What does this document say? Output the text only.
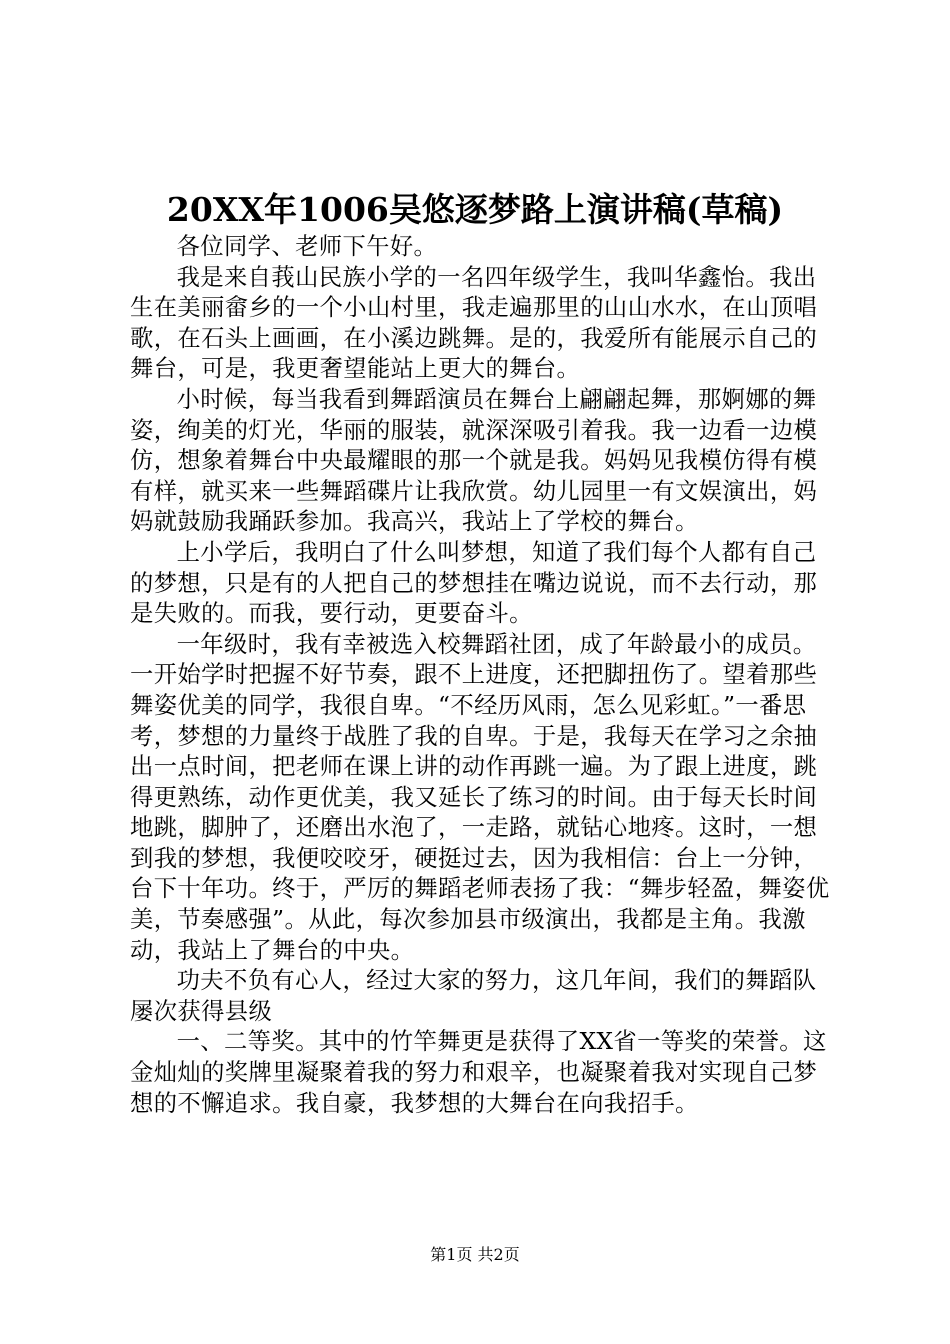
20XX年1006吴悠逐梦路上演讲稿(草稿)

各位同学、老师下午好。

我是来自莪山民族小学的一名四年级学生，我叫华鑫怡。我出生在美丽畲乡的一个小山村里，我走遍那里的山山水水，在山顶唱歌，在石头上画画，在小溪边跳舞。是的，我爱所有能展示自己的舞台，可是，我更奢望能站上更大的舞台。

小时候，每当我看到舞蹈演员在舞台上翩翩起舞，那婀娜的舞姿，绚美的灯光，华丽的服装，就深深吸引着我。我一边看一边模仿，想象着舞台中央最耀眼的那一个就是我。妈妈见我模仿得有模有样，就买来一些舞蹈碟片让我欣赏。幼儿园里一有文娱演出，妈妈就鼓励我踊跃参加。我高兴，我站上了学校的舞台。

上小学后，我明白了什么叫梦想，知道了我们每个人都有自己的梦想，只是有的人把自己的梦想挂在嘴边说说，而不去行动，那是失败的。而我，要行动，更要奋斗。

一年级时，我有幸被选入校舞蹈社团，成了年龄最小的成员。一开始学时把握不好节奏，跟不上进度，还把脚扭伤了。望着那些舞姿优美的同学，我很自卑。“不经历风雨，怎么见彩虹。”一番思考，梦想的力量终于战胜了我的自卑。于是，我每天在学习之余抽出一点时间，把老师在课上讲的动作再跳一遍。为了跟上进度，跳得更熟练，动作更优美，我又延长了练习的时间。由于每天长时间地跳，脚肿了，还磨出水泡了，一走路，就钻心地疼。这时，一想到我的梦想，我便咬咬牙，硬挺过去，因为我相信：台上一分钟，台下十年功。终于，严厉的舞蹈老师表扬了我：“舞步轻盈，舞姿优美，节奏感强”。从此，每次参加县市级演出，我都是主角。我激动，我站上了舞台的中央。

功夫不负有心人，经过大家的努力，这几年间，我们的舞蹈队屡次获得县级

一、二等奖。其中的竹竿舞更是获得了XX省一等奖的荣誉。这金灿灿的奖牌里凝聚着我的努力和艰辛，也凝聚着我对实现自己梦想的不懈追求。我自豪，我梦想的大舞台在向我招手。

第1页 共2页
